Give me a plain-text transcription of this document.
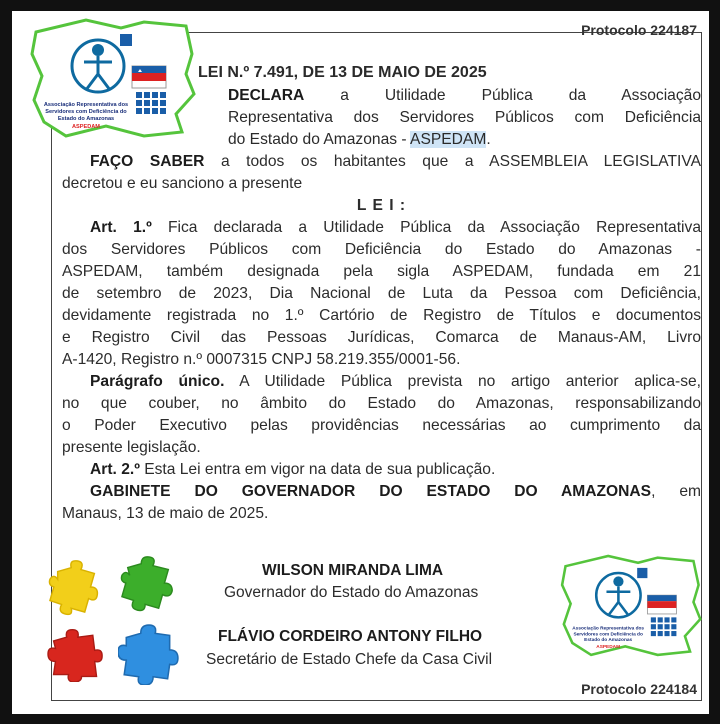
Associação Representativa dos
Servidores com Deficiência do
Estado do Amazonas
ASPEDAM
Protocolo 224187
LEI N.º 7.491, DE 13 DE MAIO DE 2025
DECLARA a Utilidade Pública da Associação
Representativa dos Servidores Públicos com Deficiência
do Estado do Amazonas - ASPEDAM.
FAÇO SABER a todos os habitantes que a ASSEMBLEIA LEGISLATIVA
decretou e eu sanciono a presente
L E I :
Art. 1.º Fica declarada a Utilidade Pública da Associação Representativa
dos Servidores Públicos com Deficiência do Estado do Amazonas -
ASPEDAM, também designada pela sigla ASPEDAM, fundada em 21
de setembro de 2023, Dia Nacional de Luta da Pessoa com Deficiência,
devidamente registrada no 1.º Cartório de Registro de Títulos e documentos
e Registro Civil das Pessoas Jurídicas, Comarca de Manaus-AM, Livro
A-1420, Registro n.º 0007315 CNPJ 58.219.355/0001-56.
Parágrafo único. A Utilidade Pública prevista no artigo anterior aplica-se,
no que couber, no âmbito do Estado do Amazonas, responsabilizando
o Poder Executivo pelas providências necessárias ao cumprimento da
presente legislação.
Art. 2.º Esta Lei entra em vigor na data de sua publicação.
GABINETE DO GOVERNADOR DO ESTADO DO AMAZONAS, em
Manaus, 13 de maio de 2025.
WILSON MIRANDA LIMA
Governador do Estado do Amazonas
FLÁVIO CORDEIRO ANTONY FILHO
Secretário de Estado Chefe da Casa Civil
Associação Representativa dos
Servidores com Deficiência do
Estado do Amazonas
ASPEDAM
Protocolo 224184
